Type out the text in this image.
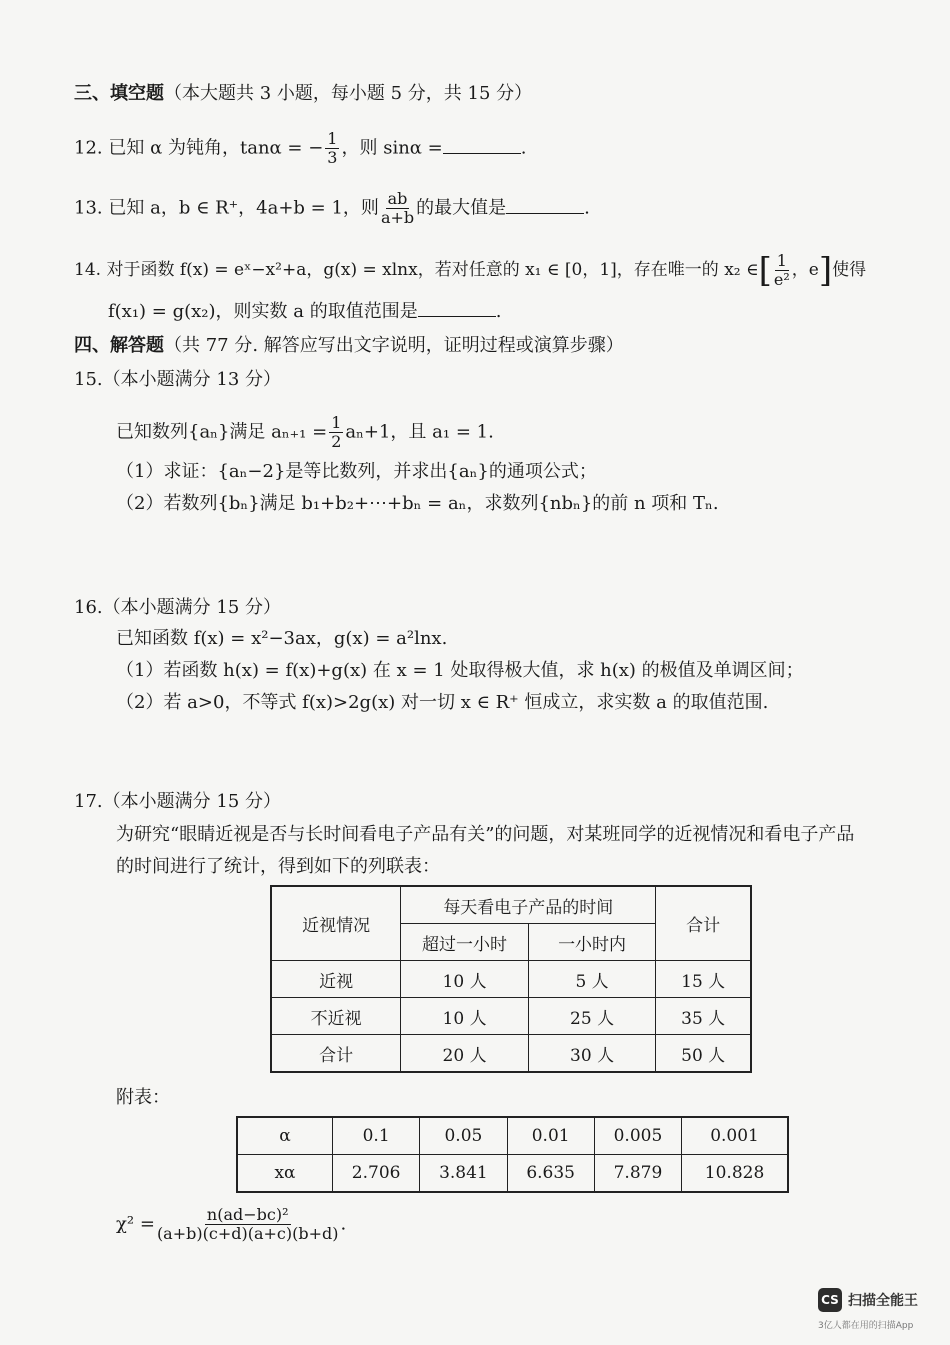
三、填空题（本大题共 3 小题，每小题 5 分，共 15 分）
12. 已知 α 为钝角，tanα = − $\frac{1}{3}$ ，则 sinα =	.
13. 已知 a，b ∈ R⁺，4a+b = 1，则 $\frac{ab}{a+b}$ 的最大值是	.
14. 对于函数 f(x) = eˣ−x²+a，g(x) = xlnx，若对任意的 x₁ ∈ [0，1]，存在唯一的 x₂ ∈[ $\frac{1}{\text{e²}}$ ，e]使得
f(x₁) = g(x₂)，则实数 a 的取值范围是	.
四、解答题（共 77 分. 解答应写出文字说明，证明过程或演算步骤）
15.（本小题满分 13 分）
已知数列{aₙ}满足 $a_{n+1} = \frac{1}{2} a_n+1$，且 a₁ = 1.
（1）求证：{aₙ−2}是等比数列，并求出{aₙ}的通项公式；
（2）若数列{bₙ}满足 b₁+b₂+⋯+bₙ = aₙ，求数列{nbₙ}的前 n 项和 Tₙ.
16.（本小题满分 15 分）
已知函数 f(x) = x²−3ax，g(x) = a²lnx.
（1）若函数 h(x) = f(x)+g(x) 在 x = 1 处取得极大值，求 h(x) 的极值及单调区间；
（2）若 a>0，不等式 f(x)>2g(x) 对一切 x ∈ R⁺ 恒成立，求实数 a 的取值范围.
17.（本小题满分 15 分）
为研究“眼睛近视是否与长时间看电子产品有关”的问题，对某班同学的近视情况和看电子产品
的时间进行了统计，得到如下的列联表：
近视情况	每天看电子产品的时间		合计
	超过一小时	一小时内	
近视	10 人	5 人	15 人
不近视	10 人	25 人	35 人
合计	20 人	30 人	50 人
附表：
α	0.1	0.05	0.01	0.005	0.001
xα	2.706	3.841	6.635	7.879	10.828
$\chi^2 = \frac{\text{n(ad−bc)²}}{(a+b)(c+d)(a+c)(b+d)}$ .
CS 扫描全能王
3亿人都在用的扫描App
